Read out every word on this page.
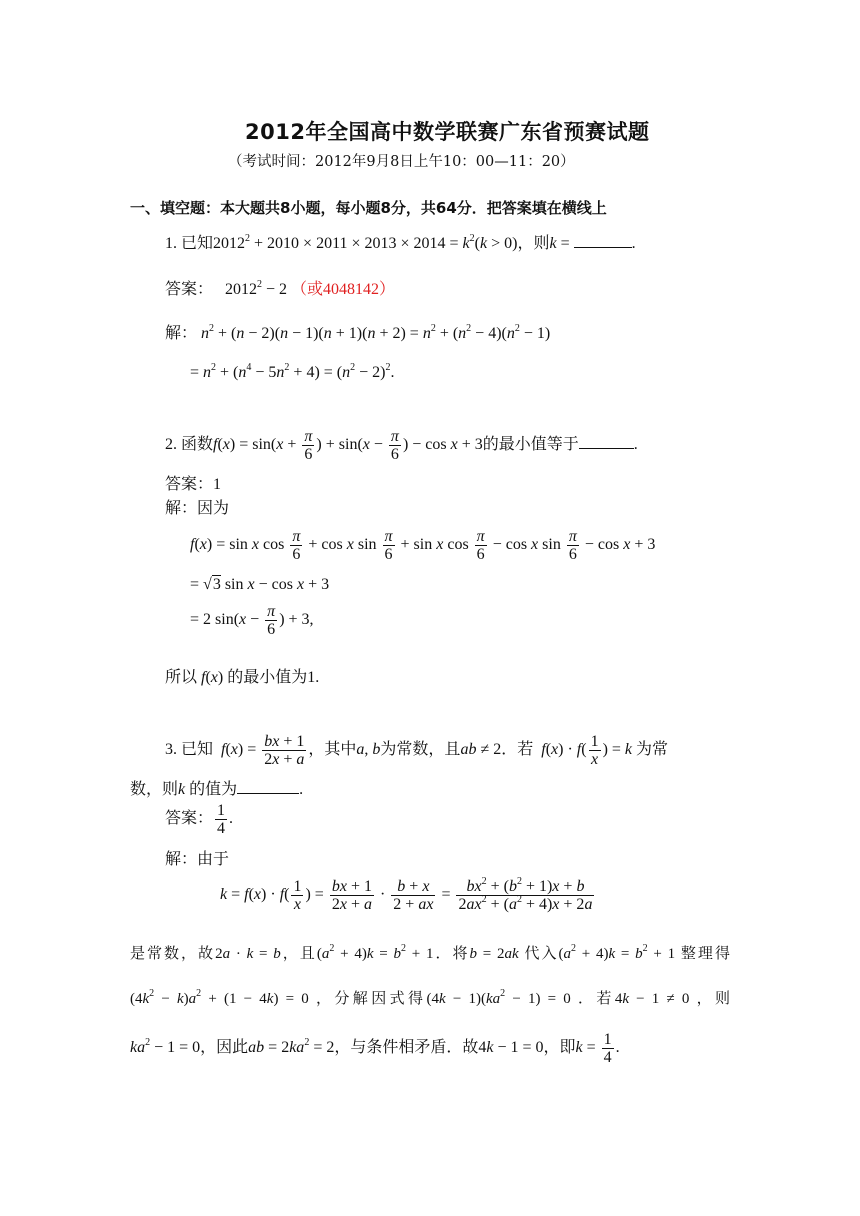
2012年全国高中数学联赛广东省预赛试题
（考试时间：2012年9月8日上午10：00—11：20）
一、填空题：本大题共8小题，每小题8分，共64分．把答案填在横线上
1. 已知$2012^2 + 2010 \times 2011 \times 2013 \times 2014 = k^2(k > 0)$，则k =	.
答案：   $2012^2 - 2$ （或4048142）
解： $n^2 + (n - 2)(n - 1)(n + 1)(n + 2) = n^2 + (n^2 - 4)(n^2 - 1)$
= $n^2 + (n^4 - 5n^2 + 4) = (n^2 - 2)^2$.
2. 函数$f(x) = \sin(x + \frac{\pi}{6}$ ) + $\sin(x - \frac{\pi}{6}$ ) − cos x + 3的最小值等于	.
答案：1
解：因为
f(x) = sin x $\cos \frac{\pi}{6} + \cos x$ $\sin \frac{\pi}{6} + \sin x$ $\cos \frac{\pi}{6} - \cos x$ $\sin \frac{\pi}{6} - \cos x + 3$
= √3 sin x − cos x + 3
= 2 $\sin(x - \frac{\pi}{6}$ ) + 3,
所以 f(x) 的最小值为1.
3. 已知 $f(x) = \frac{bx + 1}{2x + a}$ ，其中a, b为常数，且ab ≠ 2．若 $f(x) \cdot f( \frac{1}{x}$ ) = k 为常
数，则k 的值为	.
答案： $\frac{1}{4}$ .
解：由于
$k = f(x) \cdot f( \frac{1}{x}$ ) = $\frac{bx + 1}{2x + a} \cdot \frac{b + x}{2 + ax} = \frac{bx^2 + (b^2 + 1)x + b}{2ax^2 + (a^2 + 4)x + 2a}$
是常数，故2a · k = b，且$(a^2 + 4)k = b^2 + 1$．将b = 2ak 代入$(a^2 + 4)k = b^2 + 1$ 整理得
$(4k^2 - k)a^2 + (1 - 4k) = 0$ ，分解因式得$(4k - 1)(ka^2 - 1) = 0$ ．若4k − 1 ≠ 0 ，则
$ka^2 - 1 = 0$，因此ab = $2ka^2 = 2$，与条件相矛盾．故4k − 1 = 0，即$k = \frac{1}{4}$ .
